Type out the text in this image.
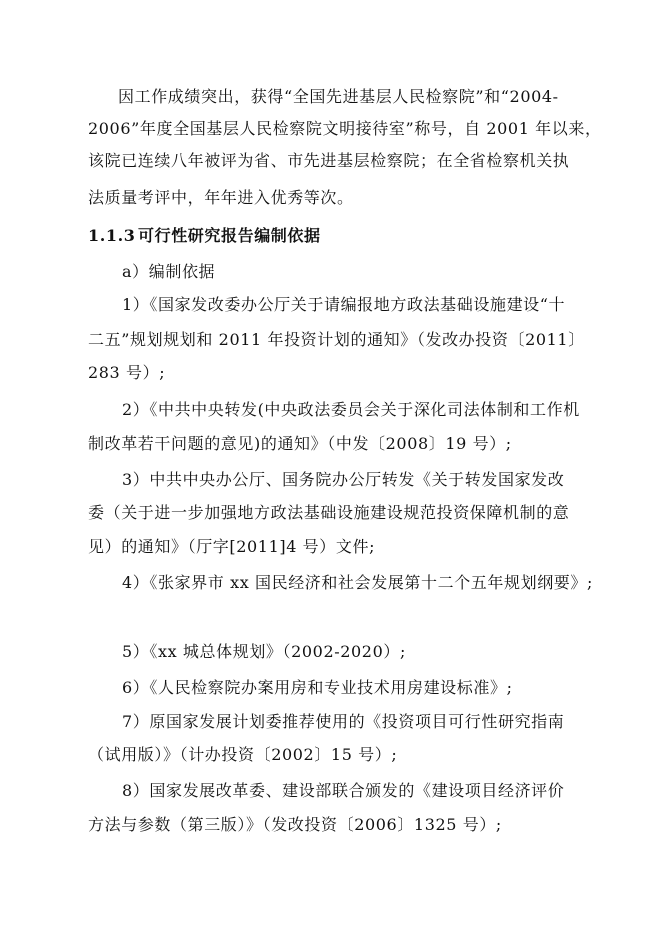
因工作成绩突出，获得“全国先进基层人民检察院”和“2004-
2006”年度全国基层人民检察院文明接待室”称号，自 2001 年以来，
该院已连续八年被评为省、市先进基层检察院；在全省检察机关执
法质量考评中，年年进入优秀等次。
1.1.3 可行性研究报告编制依据
a）编制依据
1）《国家发改委办公厅关于请编报地方政法基础设施建设“十
二五”规划规划和 2011 年投资计划的通知》（发改办投资〔2011〕
283 号）;
2）《中共中央转发(中央政法委员会关于深化司法体制和工作机
制改革若干问题的意见)的通知》（中发〔2008〕19 号）;
3）中共中央办公厅、国务院办公厅转发《关于转发国家发改
委（关于进一步加强地方政法基础设施建设规范投资保障机制的意
见）的通知》（厅字[2011]4 号）文件;
4）《张家界市 xx 国民经济和社会发展第十二个五年规划纲要》;
5）《xx 城总体规划》（2002-2020）;
6）《人民检察院办案用房和专业技术用房建设标准》;
7）原国家发展计划委推荐使用的《投资项目可行性研究指南
（试用版）》（计办投资〔2002〕15 号）;
8）国家发展改革委、建设部联合颁发的《建设项目经济评价
方法与参数（第三版）》（发改投资〔2006〕1325 号）;
